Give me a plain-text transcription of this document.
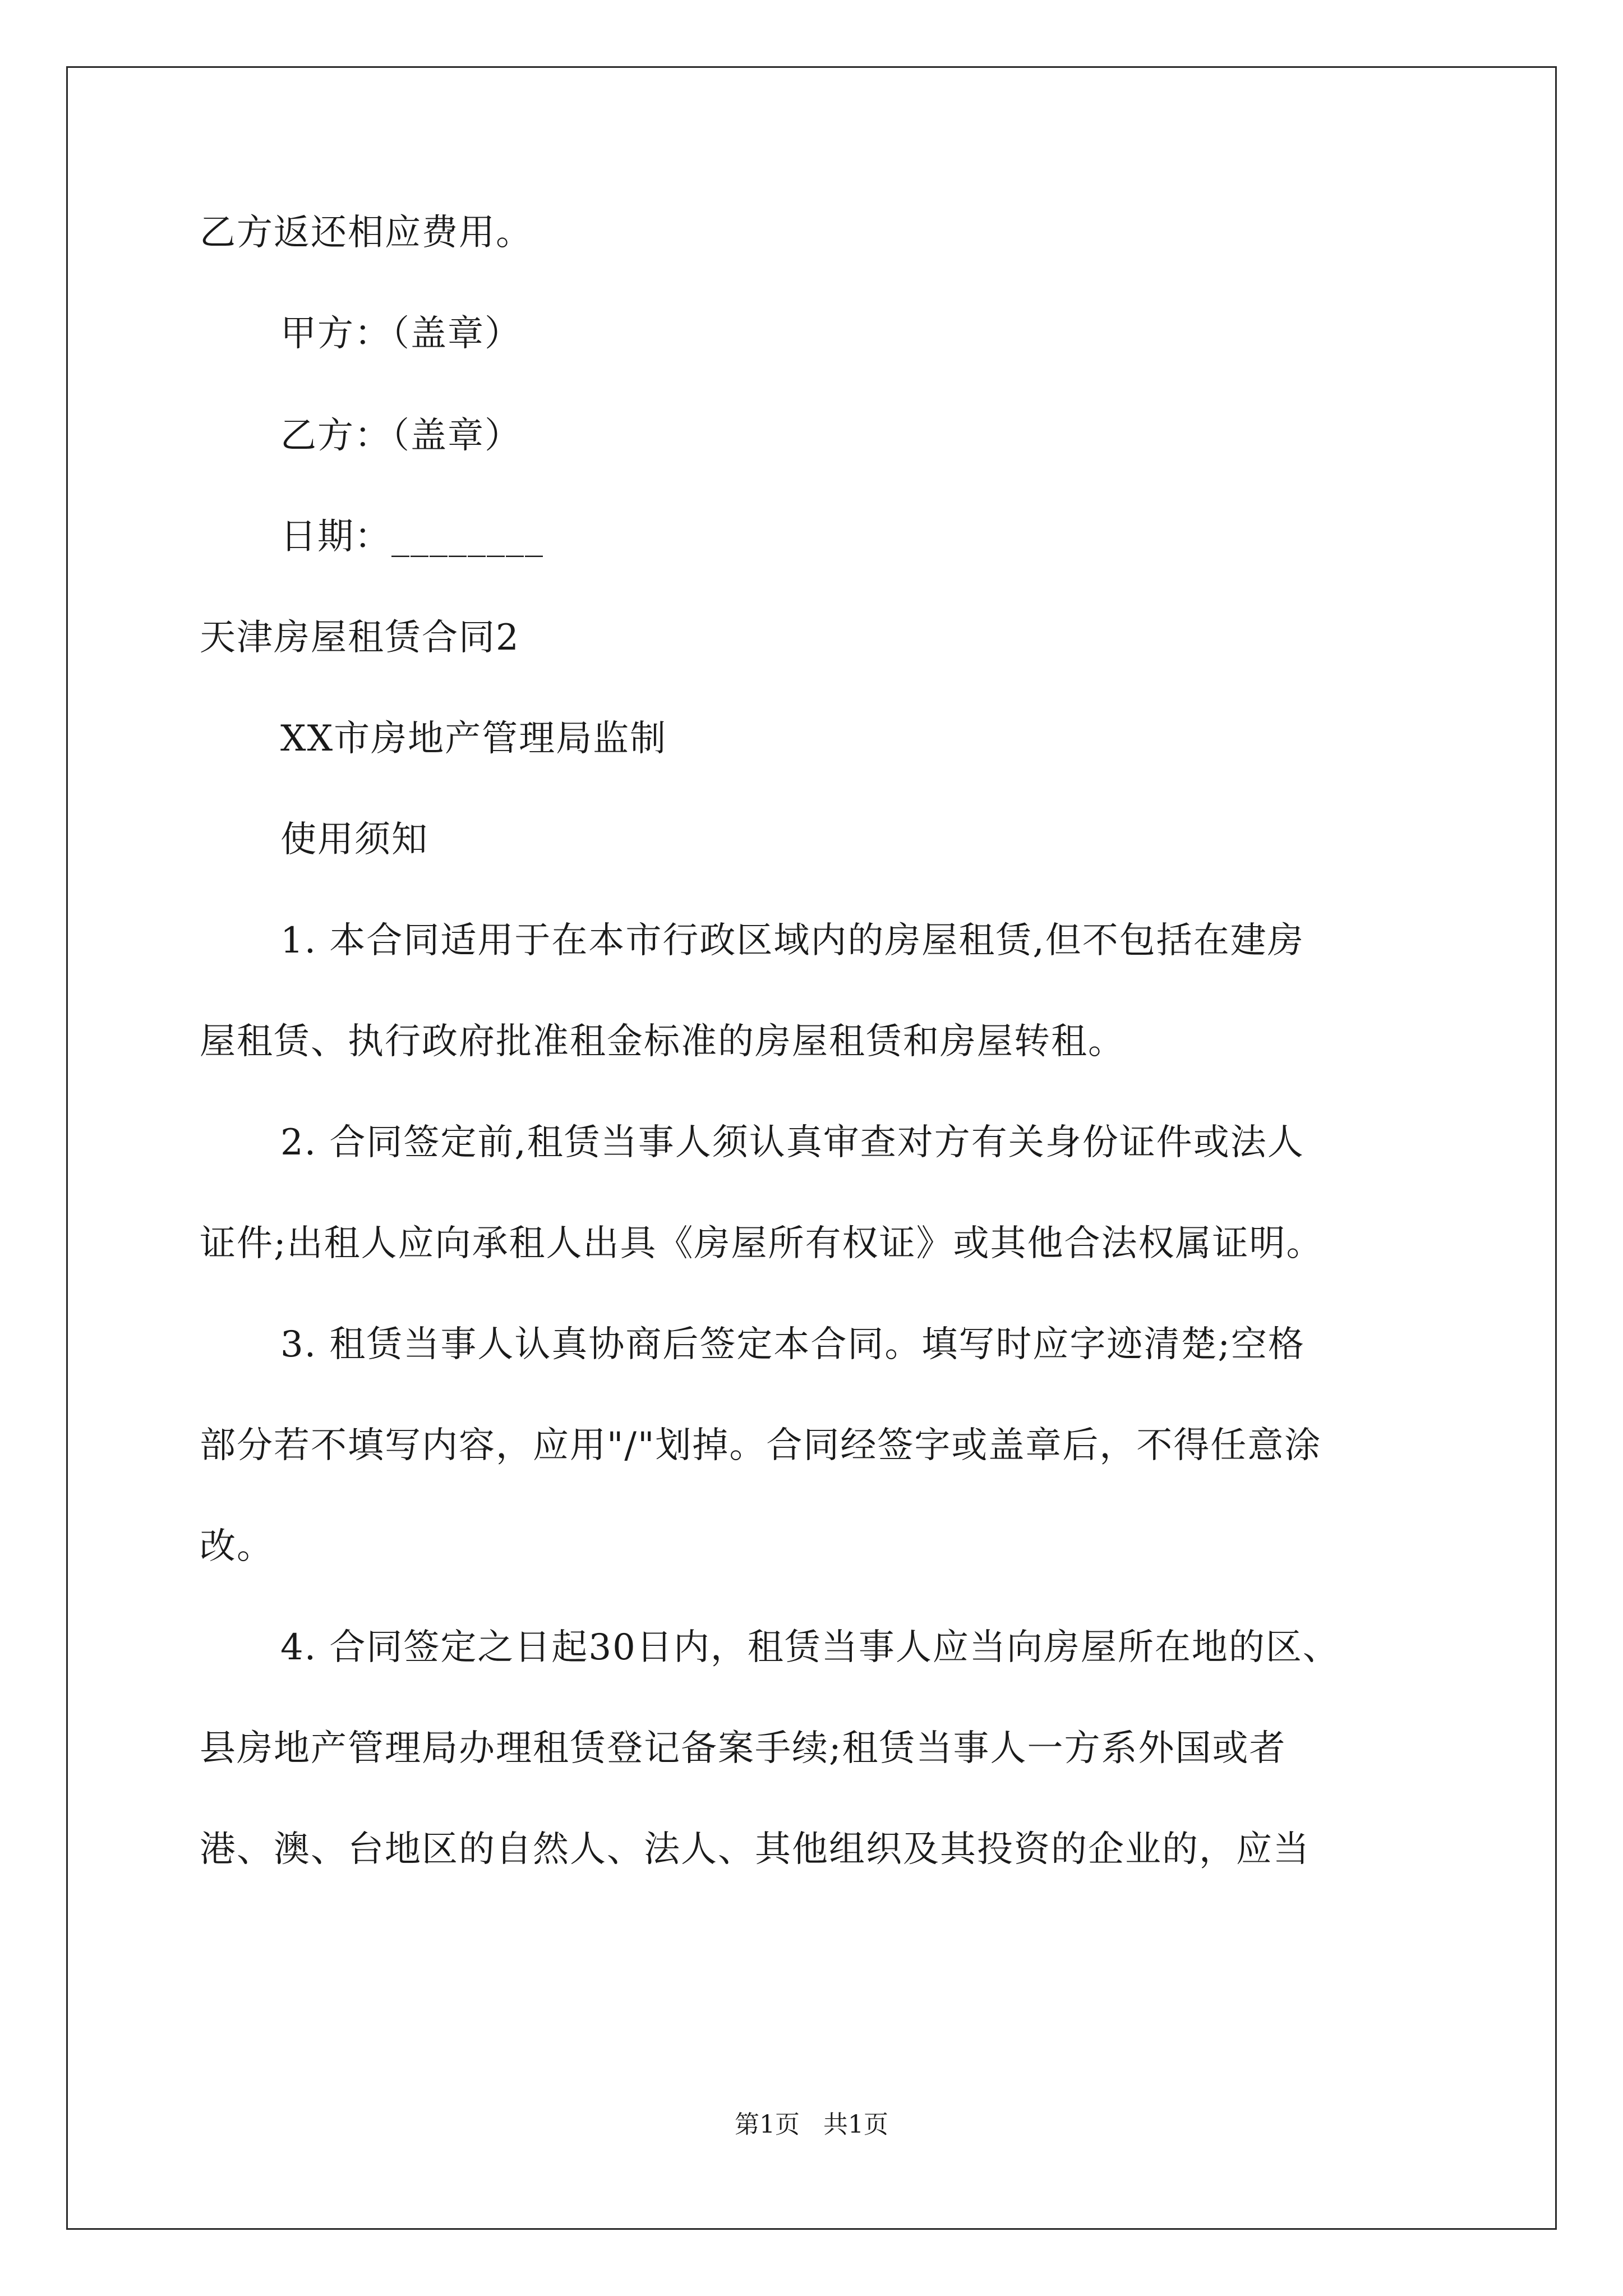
乙方返还相应费用。
甲方：（盖章）
乙方：（盖章）
日期：________
天津房屋租赁合同2
XX市房地产管理局监制
使用须知
1. 本合同适用于在本市行政区域内的房屋租赁,但不包括在建房
屋租赁、执行政府批准租金标准的房屋租赁和房屋转租。
2. 合同签定前,租赁当事人须认真审查对方有关身份证件或法人
证件;出租人应向承租人出具《房屋所有权证》或其他合法权属证明。
3. 租赁当事人认真协商后签定本合同。填写时应字迹清楚;空格
部分若不填写内容，应用"/"划掉。合同经签字或盖章后，不得任意涂
改。
4. 合同签定之日起30日内，租赁当事人应当向房屋所在地的区、
县房地产管理局办理租赁登记备案手续;租赁当事人一方系外国或者
港、澳、台地区的自然人、法人、其他组织及其投资的企业的，应当
第1页   共1页
